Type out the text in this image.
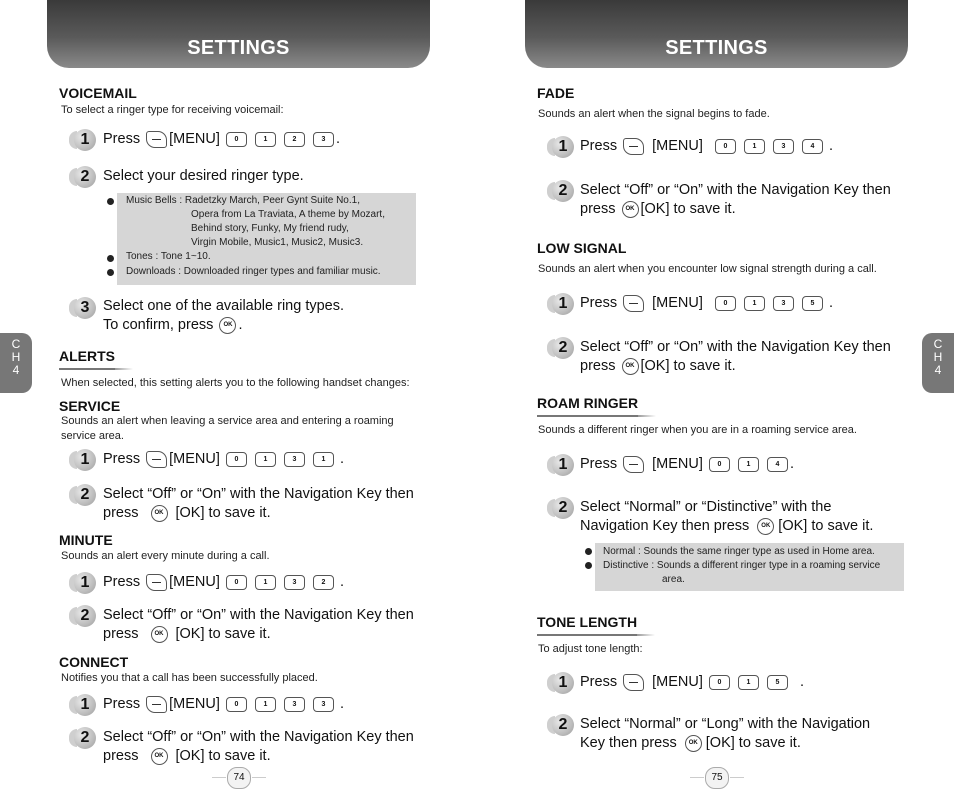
SETTINGS
VOICEMAIL
To select a ringer type for receiving voicemail:
1 Press [MENU] 0	1	2	3 .
2 Select your desired ringer type.
Music Bells : Radetzky March, Peer Gynt Suite No.1,
Opera from La Traviata, A theme by Mozart,
Behind story, Funky, My friend rudy,
Virgin Mobile, Music1, Music2, Music3.
Tones : Tone 1~10.
Downloads : Downloaded ringer types and familiar music.
3 Select one of the available ring types.
To confirm, press OK .
ALERTS
When selected, this setting alerts you to the following handset changes:
SERVICE
Sounds an alert when leaving a service area and entering a roaming
service area.
1 Press [MENU] 0	1	3	1 .
2 Select “Off” or “On” with the Navigation Key then
press	OK [OK] to save it.
MINUTE
Sounds an alert every minute during a call.
1 Press [MENU] 0	1	3	2 .
2 Select “Off” or “On” with the Navigation Key then
press	OK [OK] to save it.
CONNECT
Notifies you that a call has been successfully placed.
1 Press [MENU] 0	1	3	3 .
2 Select “Off” or “On” with the Navigation Key then
press	OK [OK] to save it.
C
H
4
74
SETTINGS
FADE
Sounds an alert when the signal begins to fade.
1 Press [MENU]	0	1	3	4 .
2 Select “Off” or “On” with the Navigation Key then
press OK [OK] to save it.
LOW SIGNAL
Sounds an alert when you encounter low signal strength during a call.
1 Press [MENU]	0	1	3	5 .
2 Select “Off” or “On” with the Navigation Key then
press OK [OK] to save it.
ROAM RINGER
Sounds a different ringer when you are in a roaming service area.
1 Press [MENU] 0	1	4 .
2 Select “Normal” or “Distinctive” with the
Navigation Key then press OK [OK] to save it.
Normal : Sounds the same ringer type as used in Home area.
Distinctive : Sounds a different ringer type in a roaming service
area.
TONE LENGTH
To adjust tone length:
1 Press [MENU] 0	1	5 .
2 Select “Normal” or “Long” with the Navigation
Key then press OK [OK] to save it.
C
H
4
75
